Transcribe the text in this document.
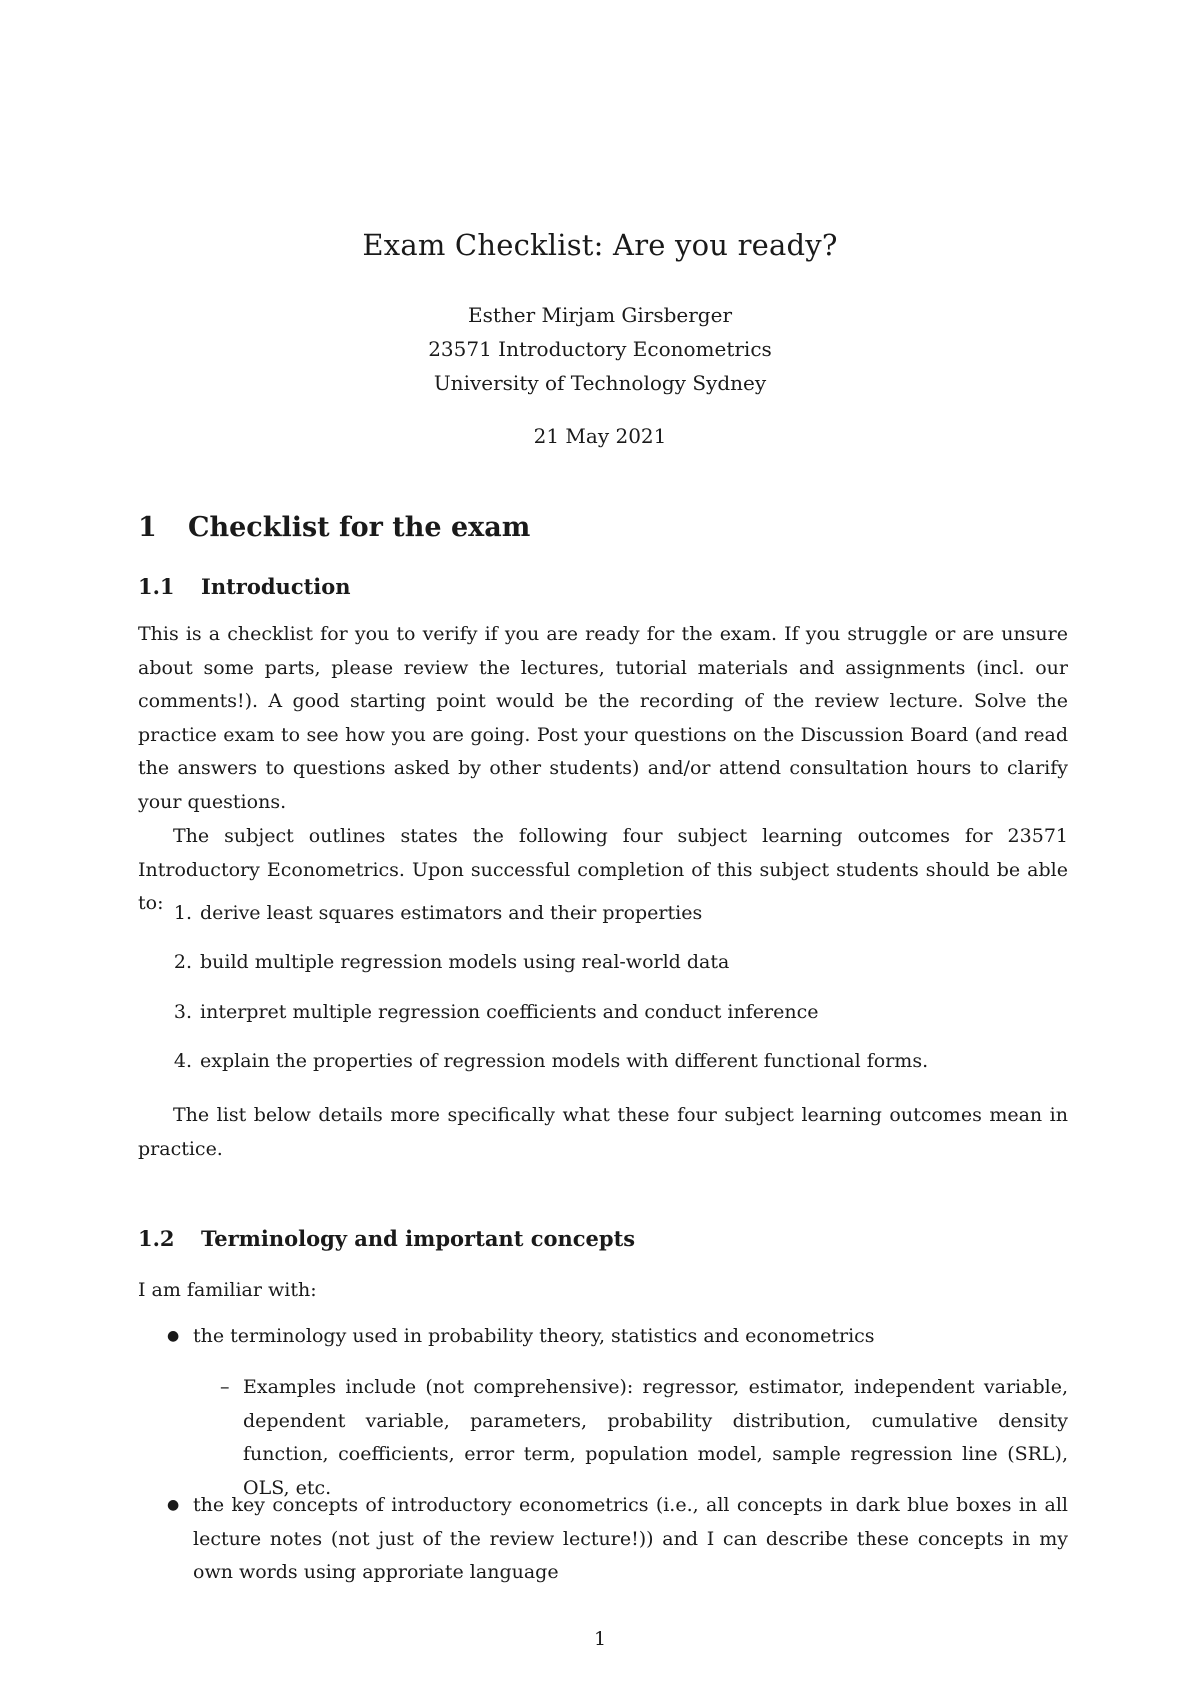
Exam Checklist: Are you ready?
Esther Mirjam Girsberger
23571 Introductory Econometrics
University of Technology Sydney
21 May 2021
1 Checklist for the exam
1.1 Introduction
This is a checklist for you to verify if you are ready for the exam. If you struggle or are unsure about some parts, please review the lectures, tutorial materials and assignments (incl. our comments!). A good starting point would be the recording of the review lecture. Solve the practice exam to see how you are going. Post your questions on the Discussion Board (and read the answers to questions asked by other students) and/or attend consultation hours to clarify your questions.
The subject outlines states the following four subject learning outcomes for 23571 Introductory Econometrics. Upon successful completion of this subject students should be able to: 1. derive least squares estimators and their properties
2. build multiple regression models using real-world data
3. interpret multiple regression coefficients and conduct inference
4. explain the properties of regression models with different functional forms.
The list below details more specifically what these four subject learning outcomes mean in practice.
1.2 Terminology and important concepts
I am familiar with:
● the terminology used in probability theory, statistics and econometrics
– Examples include (not comprehensive): regressor, estimator, independent variable, dependent variable, parameters, probability distribution, cumulative density function, coefficients, error term, population model, sample regression line (SRL), OLS, etc.
● the key concepts of introductory econometrics (i.e., all concepts in dark blue boxes in all lecture notes (not just of the review lecture!)) and I can describe these concepts in my own words using approriate language
1
